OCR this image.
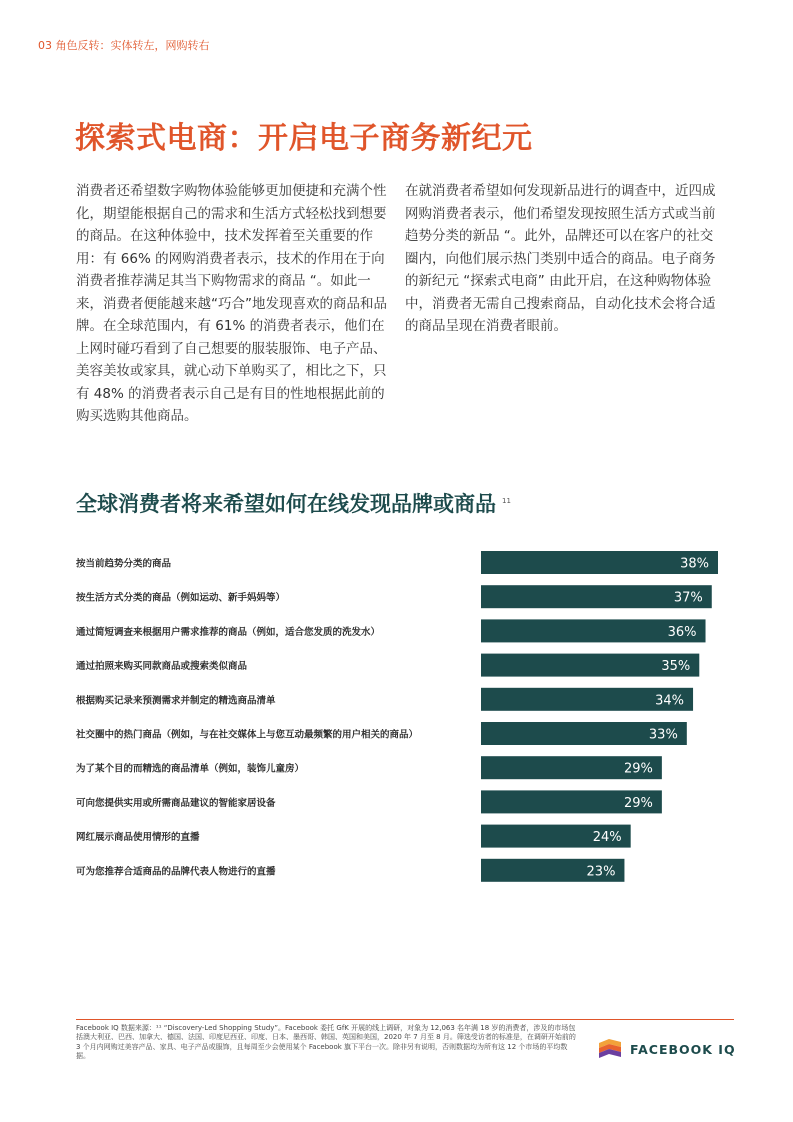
03 角色反转：实体转左，网购转右
探索式电商：开启电子商务新纪元

消费者还希望数字购物体验能够更加便捷和充满个性化，期望能根据自己的需求和生活方式轻松找到想要的商品。在这种体验中，技术发挥着至关重要的作用：有 66% 的网购消费者表示，技术的作用在于向消费者推荐满足其当下购物需求的商品 “。如此一来，消费者便能越来越“巧合”地发现喜欢的商品和品牌。在全球范围内，有 61% 的消费者表示，他们在上网时碰巧看到了自己想要的服装服饰、电子产品、美容美妆或家具，就心动下单购买了，相比之下，只有 48% 的消费者表示自己是有目的性地根据此前的购买选购其他商品。

在就消费者希望如何发现新品进行的调查中，近四成网购消费者表示，他们希望发现按照生活方式或当前趋势分类的新品 “。此外，品牌还可以在客户的社交圈内，向他们展示热门类别中适合的商品。电子商务的新纪元 “探索式电商” 由此开启，在这种购物体验中，消费者无需自己搜索商品，自动化技术会将合适的商品呈现在消费者眼前。

全球消费者将来希望如何在线发现品牌或商品 $^{11}$
按当前趋势分类的商品	38%
按生活方式分类的商品（例如运动、新手妈妈等）	37%
通过简短调查来根据用户需求推荐的商品（例如，适合您发质的洗发水）	36%
通过拍照来购买同款商品或搜索类似商品	35%
根据购买记录来预测需求并制定的精选商品清单	34%
社交圈中的热门商品（例如，与在社交媒体上与您互动最频繁的用户相关的商品）	33%
为了某个目的而精选的商品清单（例如，装饰儿童房）	29%
可向您提供实用或所需商品建议的智能家居设备	29%
网红展示商品使用情形的直播	24%
可为您推荐合适商品的品牌代表人物进行的直播	23%

Facebook IQ 数据来源：¹¹ “Discovery-Led Shopping Study”。Facebook 委托 GfK 开展的线上调研，对象为 12,063 名年满 18 岁的消费者，涉及的市场包括澳大利亚、巴西、加拿大、德国、法国、印度尼西亚、印度、日本、墨西哥、韩国、英国和美国，2020 年 7 月至 8 月。筛选受访者的标准是，在调研开始前的 3 个月内网购过美容产品、家具、电子产品或服饰，且每周至少会使用某个 Facebook 旗下平台一次。除非另有说明，否则数据均为所有这 12 个市场的平均数据。	FACEBOOK IQ
